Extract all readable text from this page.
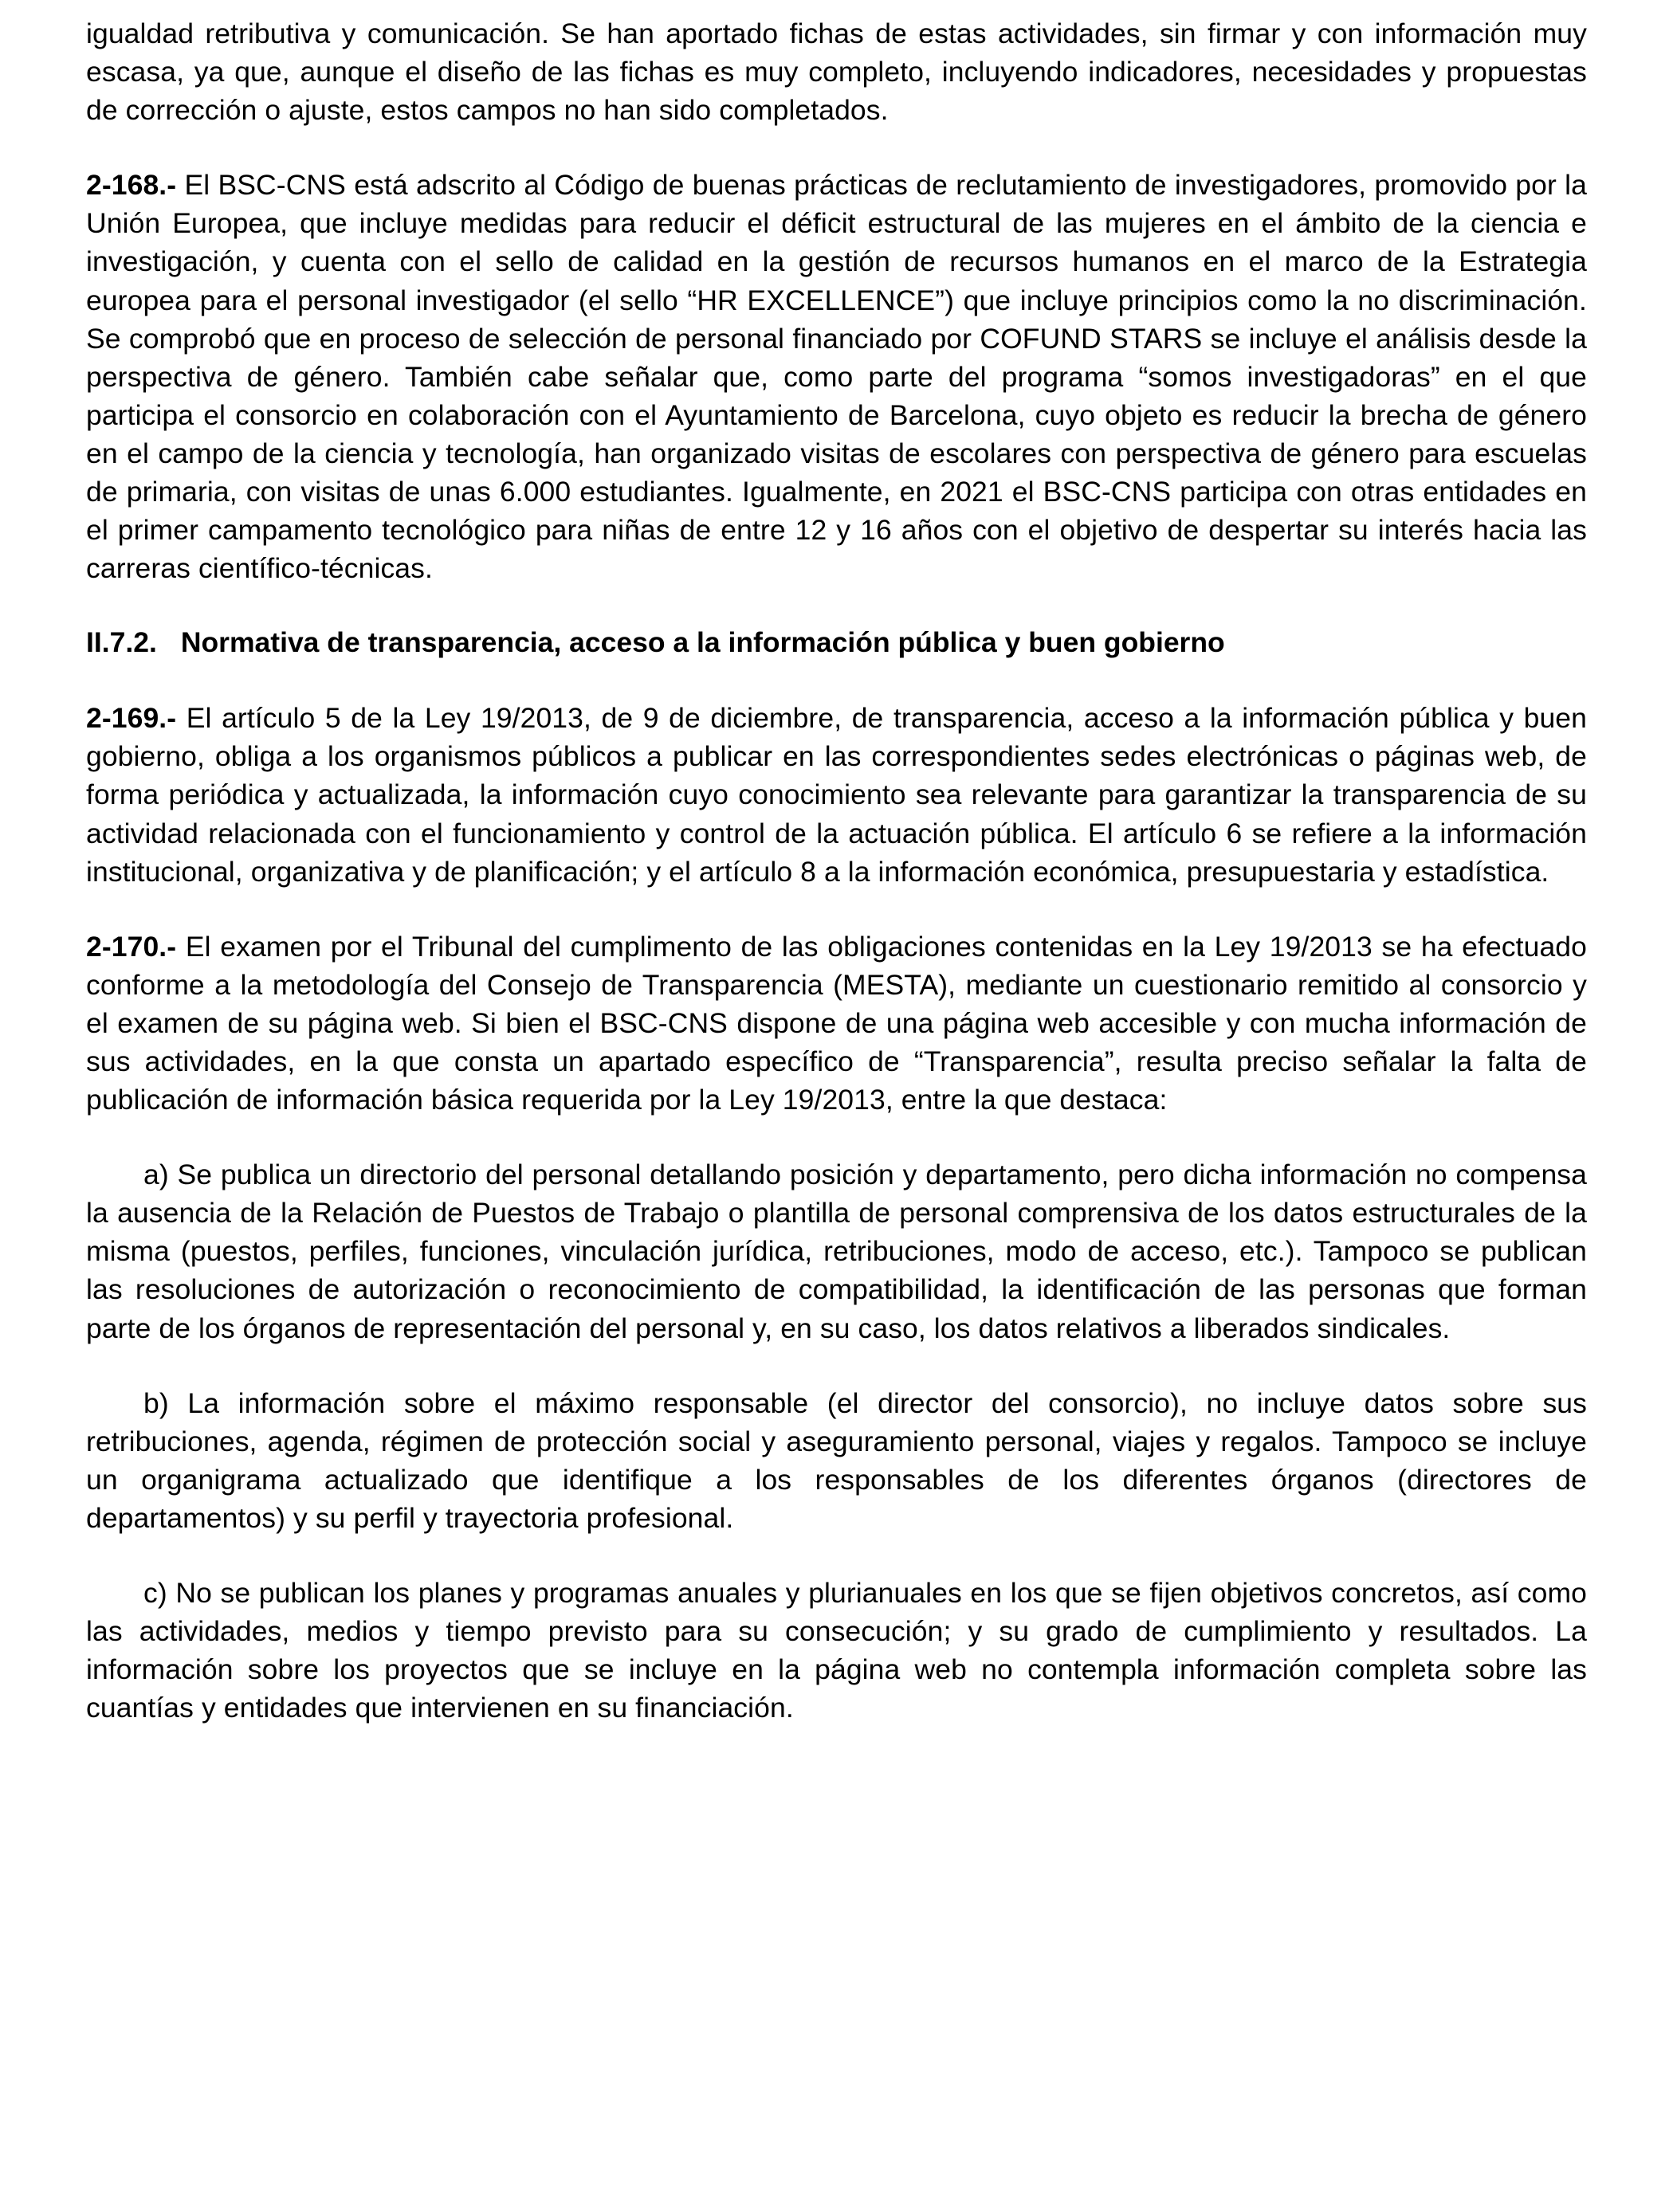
igualdad retributiva y comunicación. Se han aportado fichas de estas actividades, sin firmar y con información muy escasa, ya que, aunque el diseño de las fichas es muy completo, incluyendo indicadores, necesidades y propuestas de corrección o ajuste, estos campos no han sido completados.

2-168.- El BSC-CNS está adscrito al Código de buenas prácticas de reclutamiento de investigadores, promovido por la Unión Europea, que incluye medidas para reducir el déficit estructural de las mujeres en el ámbito de la ciencia e investigación, y cuenta con el sello de calidad en la gestión de recursos humanos en el marco de la Estrategia europea para el personal investigador (el sello “HR EXCELLENCE”) que incluye principios como la no discriminación. Se comprobó que en proceso de selección de personal financiado por COFUND STARS se incluye el análisis desde la perspectiva de género. También cabe señalar que, como parte del programa “somos investigadoras” en el que participa el consorcio en colaboración con el Ayuntamiento de Barcelona, cuyo objeto es reducir la brecha de género en el campo de la ciencia y tecnología, han organizado visitas de escolares con perspectiva de género para escuelas de primaria, con visitas de unas 6.000 estudiantes. Igualmente, en 2021 el BSC-CNS participa con otras entidades en el primer campamento tecnológico para niñas de entre 12 y 16 años con el objetivo de despertar su interés hacia las carreras científico-técnicas.

II.7.2. Normativa de transparencia, acceso a la información pública y buen gobierno

2-169.- El artículo 5 de la Ley 19/2013, de 9 de diciembre, de transparencia, acceso a la información pública y buen gobierno, obliga a los organismos públicos a publicar en las correspondientes sedes electrónicas o páginas web, de forma periódica y actualizada, la información cuyo conocimiento sea relevante para garantizar la transparencia de su actividad relacionada con el funcionamiento y control de la actuación pública. El artículo 6 se refiere a la información institucional, organizativa y de planificación; y el artículo 8 a la información económica, presupuestaria y estadística.

2-170.- El examen por el Tribunal del cumplimento de las obligaciones contenidas en la Ley 19/2013 se ha efectuado conforme a la metodología del Consejo de Transparencia (MESTA), mediante un cuestionario remitido al consorcio y el examen de su página web. Si bien el BSC-CNS dispone de una página web accesible y con mucha información de sus actividades, en la que consta un apartado específico de “Transparencia”, resulta preciso señalar la falta de publicación de información básica requerida por la Ley 19/2013, entre la que destaca:

a) Se publica un directorio del personal detallando posición y departamento, pero dicha información no compensa la ausencia de la Relación de Puestos de Trabajo o plantilla de personal comprensiva de los datos estructurales de la misma (puestos, perfiles, funciones, vinculación jurídica, retribuciones, modo de acceso, etc.). Tampoco se publican las resoluciones de autorización o reconocimiento de compatibilidad, la identificación de las personas que forman parte de los órganos de representación del personal y, en su caso, los datos relativos a liberados sindicales.

b) La información sobre el máximo responsable (el director del consorcio), no incluye datos sobre sus retribuciones, agenda, régimen de protección social y aseguramiento personal, viajes y regalos. Tampoco se incluye un organigrama actualizado que identifique a los responsables de los diferentes órganos (directores de departamentos) y su perfil y trayectoria profesional.

c) No se publican los planes y programas anuales y plurianuales en los que se fijen objetivos concretos, así como las actividades, medios y tiempo previsto para su consecución; y su grado de cumplimiento y resultados. La información sobre los proyectos que se incluye en la página web no contempla información completa sobre las cuantías y entidades que intervienen en su financiación.
